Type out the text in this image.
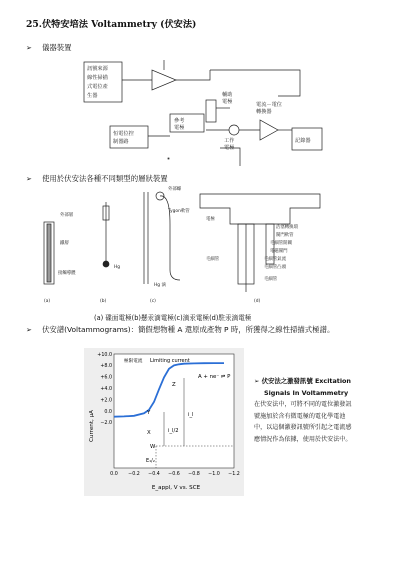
25.伏特安培法 Voltammetry (伏安法)
➢	儀器裝置
訊號來源
線性掃描
式電位產
生器
參考
電極
恒電位控
制器路
輔助
電極	電流－電位
轉換器
工作
電極
記錄器
➢	使用於伏安法各種不同類型的層狀裝置
外部層
鐵層
接觸導體
Hg
Hg 滴
外部螺
Tygon軟管
電極
毛細管
活塞轉換環
閥門軟管
毛細管開關
電磁閥門
毛細管氣流
毛細管凸頭
毛細管
(a)	(b)	(c)	(d)
(a) 碟面電極(b)懸汞滴電極(c)滴汞電極(d)駐汞滴電極
➢	伏安譜(Voltammograms)：簡假想物種 A 還原成產物 P 時，所獲得之線性掃描式極譜。
+10.0
+8.0
+6.0
+4.0
+2.0
0.0
−2.0
0.0 −0.2 −0.4 −0.6 −0.8 −1.0 −1.2
Current, μA
E_appl, V vs. SCE
極限電流 Limiting current
A + ne⁻ ⇌ P
E₁/₂
i_l
i_l/2
Z
Y
X
W
➢ 伏安法之激發訊號 Excitation
Signals In Voltammetry
在伏安法中，可將不同的電位激發訊
號施加於含有微電極的電化學電池
中，以這個激發訊號所引起之電流感
應情況作為依據，使用於伏安法中。
